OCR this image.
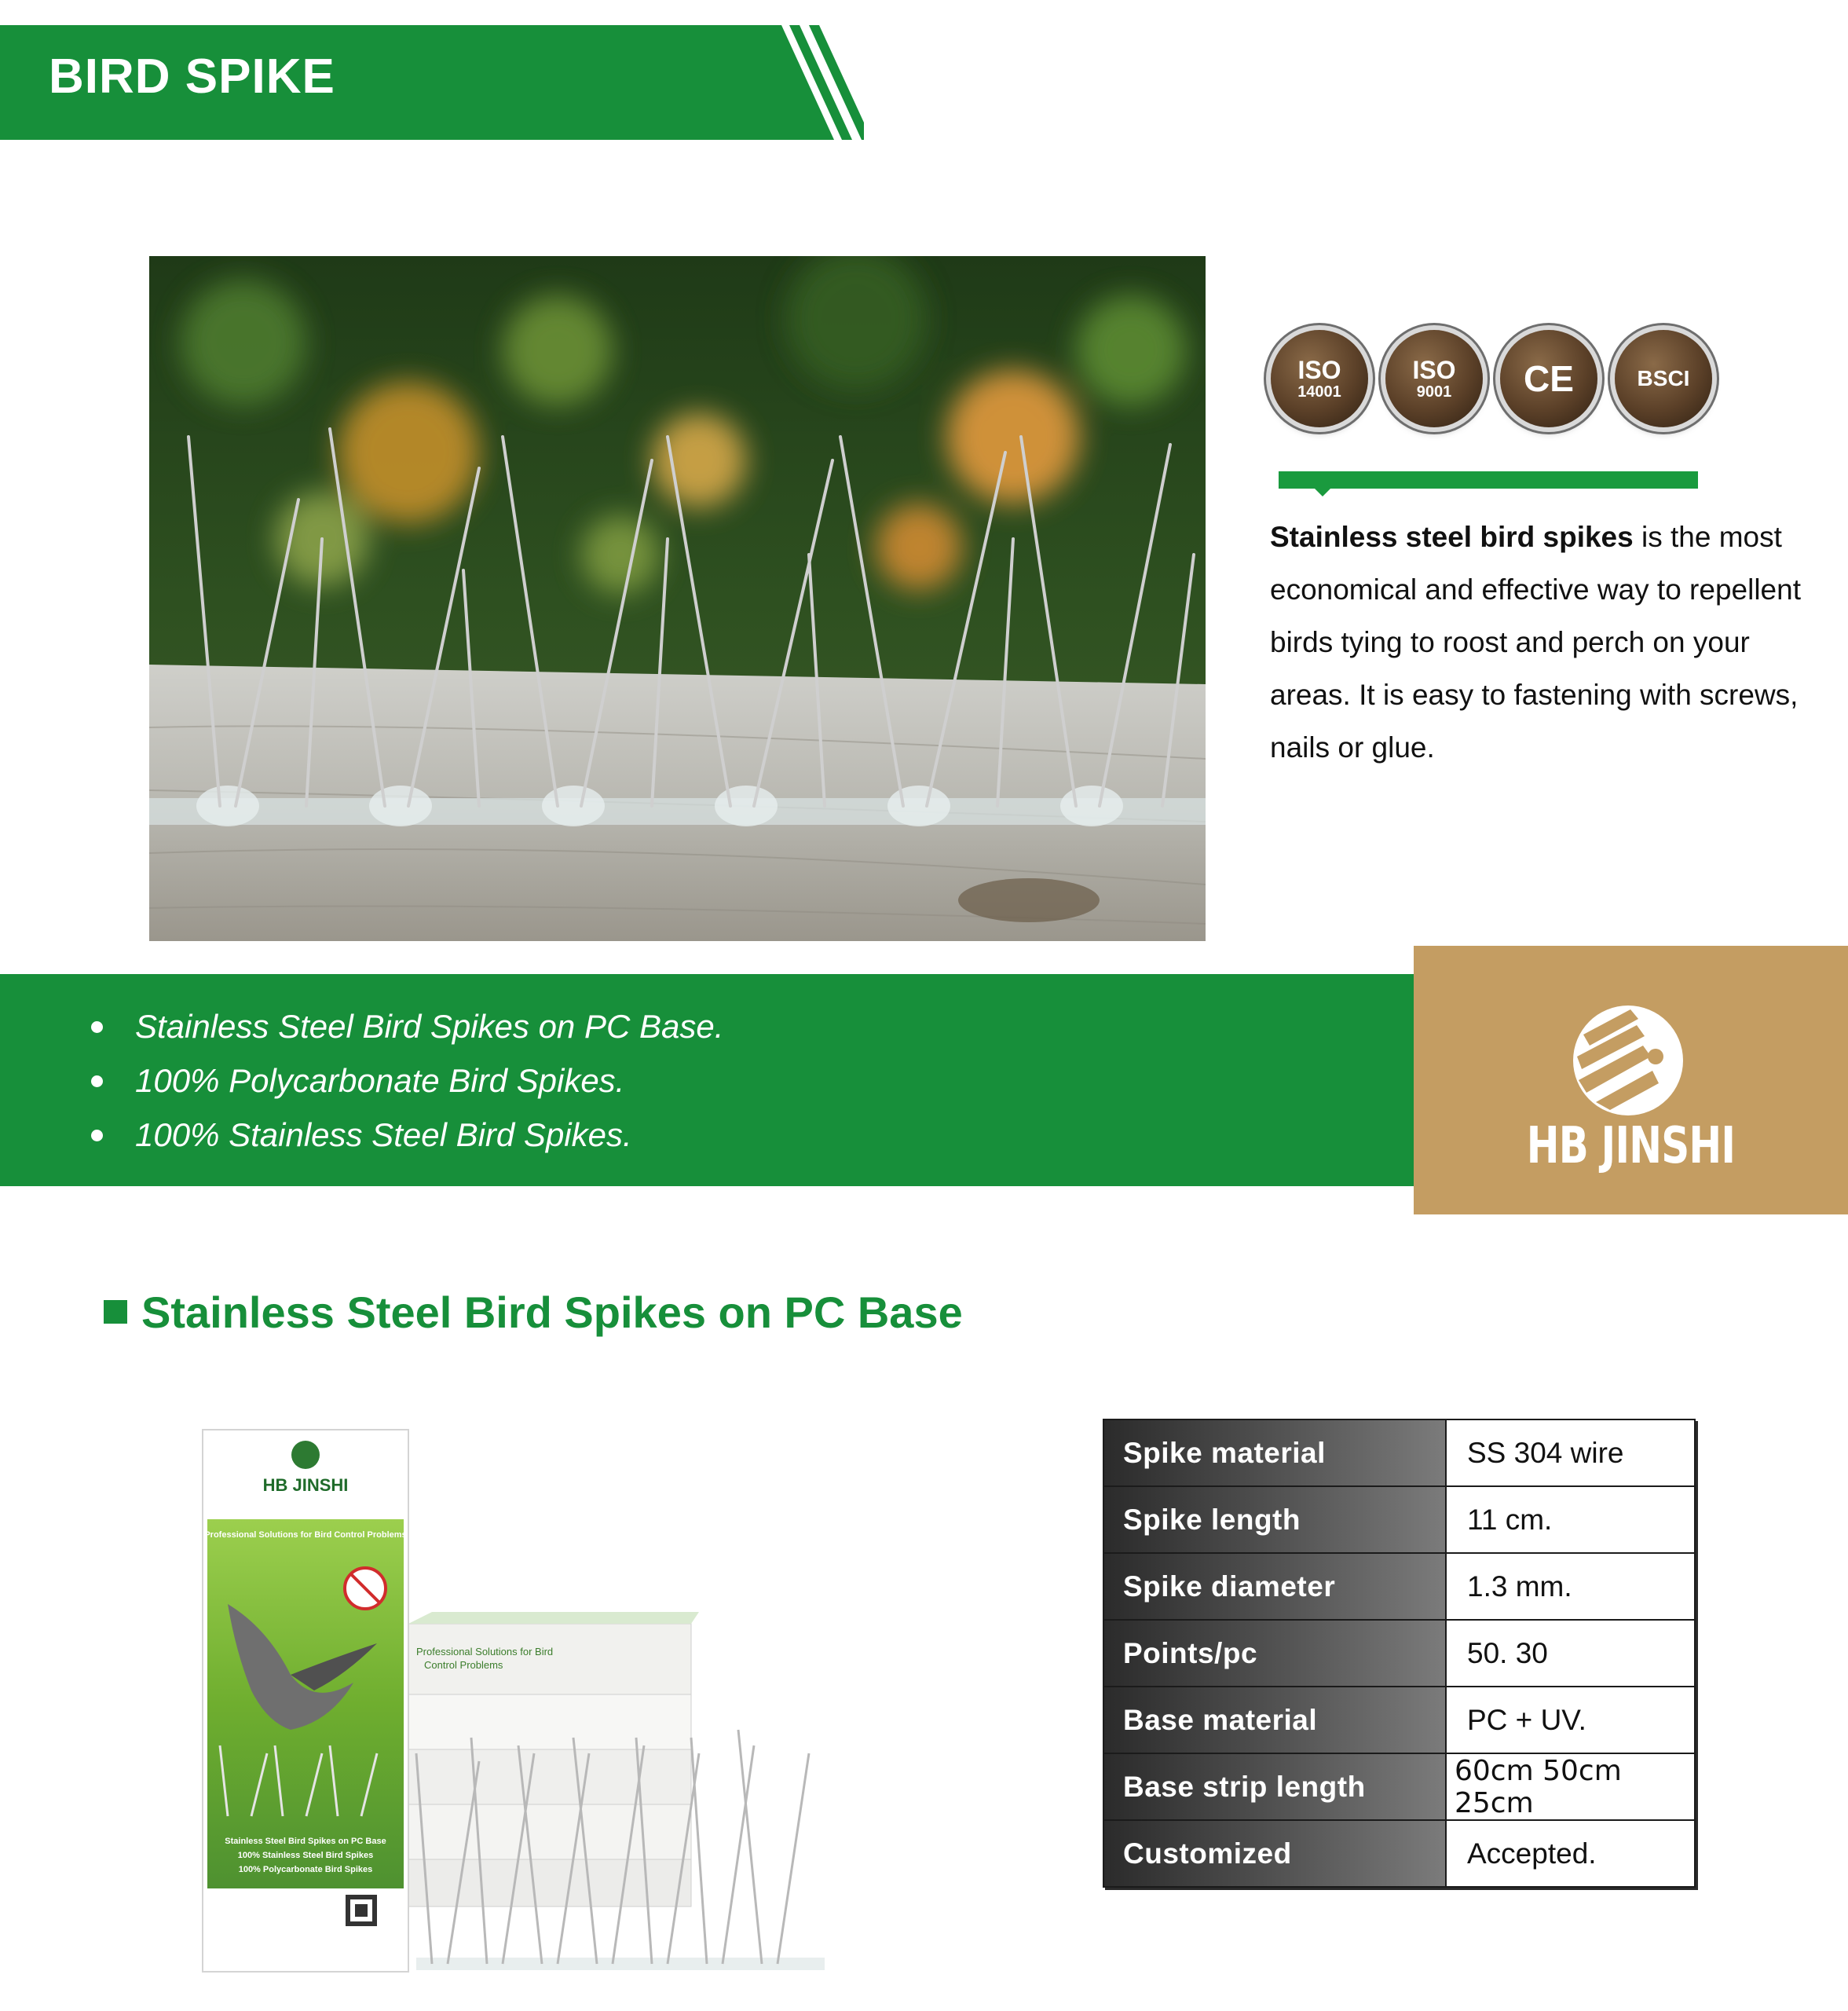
BIRD SPIKE
ISO
14001
ISO
9001 CE	BSCI
Stainless steel bird spikes is the most economical and effective way to repellent birds tying to roost and perch on your areas. It is easy to fastening with screws, nails or glue.
Stainless Steel Bird Spikes on PC Base.
100% Polycarbonate Bird Spikes.
100% Stainless Steel Bird Spikes.	HB JINSHI
Stainless Steel Bird Spikes on PC Base
Professional Solutions for Bird
Control Problems
HB JINSHI
Professional Solutions for Bird Control Problems
Stainless Steel Bird Spikes on PC Base
100% Stainless Steel Bird Spikes
100% Polycarbonate Bird Spikes
Spike material	SS 304 wire
Spike length	11 cm.
Spike diameter	1.3 mm.
Points/pc	50. 30
Base material	PC + UV.
Base strip length	60cm 50cm 25cm
Customized	Accepted.
